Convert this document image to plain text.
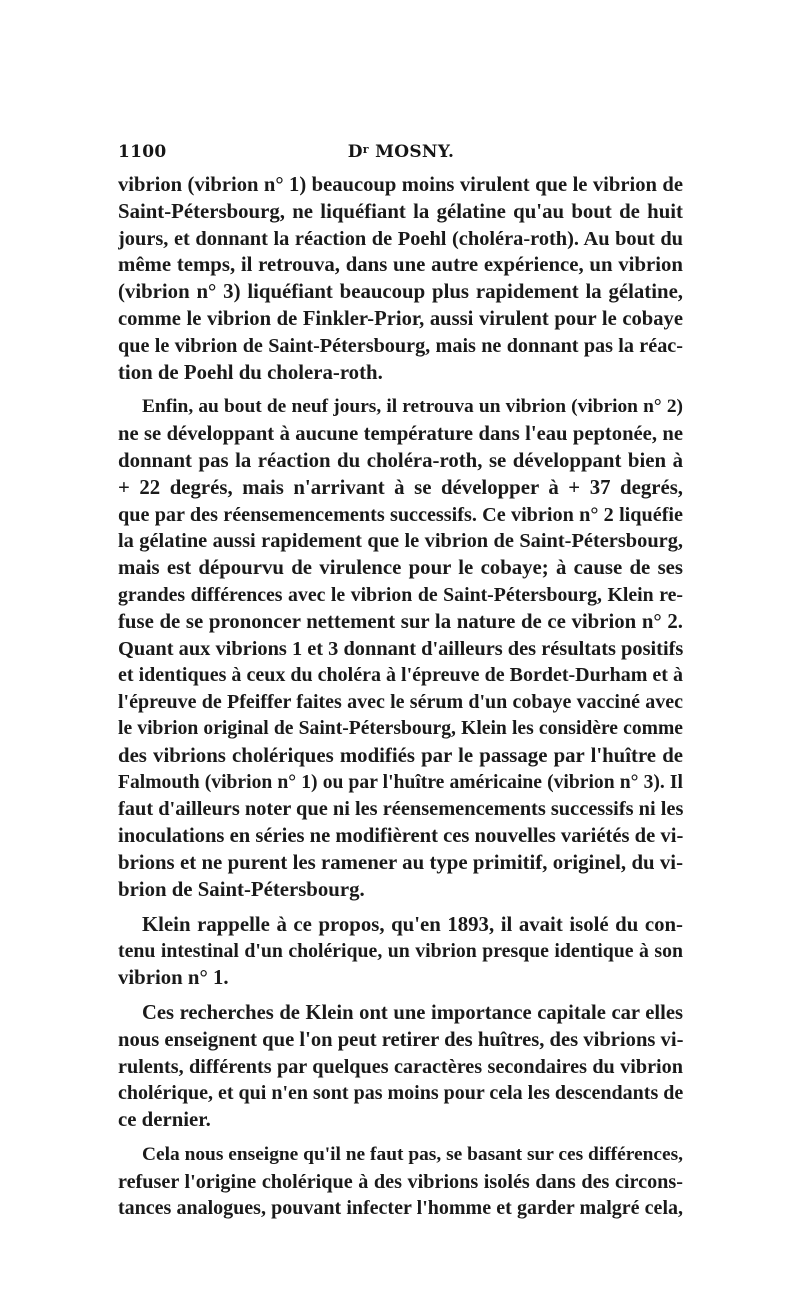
1100	$D^r$ MOSNY.

vibrion (vibrion n° 1) beaucoup moins virulent que le vibrion de
Saint-Pétersbourg, ne liquéfiant la gélatine qu'au bout de huit
jours, et donnant la réaction de Poehl (choléra-roth). Au bout du
même temps, il retrouva, dans une autre expérience, un vibrion
(vibrion n° 3) liquéfiant beaucoup plus rapidement la gélatine,
comme le vibrion de Finkler-Prior, aussi virulent pour le cobaye
que le vibrion de Saint-Pétersbourg, mais ne donnant pas la réac-
tion de Poehl du cholera-roth.

Enfin, au bout de neuf jours, il retrouva un vibrion (vibrion n° 2)
ne se développant à aucune température dans l'eau peptonée, ne
donnant pas la réaction du choléra-roth, se développant bien à
+ 22 degrés, mais n'arrivant à se développer à + 37 degrés,
que par des réensemencements successifs. Ce vibrion n° 2 liquéfie
la gélatine aussi rapidement que le vibrion de Saint-Pétersbourg,
mais est dépourvu de virulence pour le cobaye; à cause de ses
grandes différences avec le vibrion de Saint-Pétersbourg, Klein re-
fuse de se prononcer nettement sur la nature de ce vibrion n° 2.
Quant aux vibrions 1 et 3 donnant d'ailleurs des résultats positifs
et identiques à ceux du choléra à l'épreuve de Bordet-Durham et à
l'épreuve de Pfeiffer faites avec le sérum d'un cobaye vacciné avec
le vibrion original de Saint-Pétersbourg, Klein les considère comme
des vibrions cholériques modifiés par le passage par l'huître de
Falmouth (vibrion n° 1) ou par l'huître américaine (vibrion n° 3). Il
faut d'ailleurs noter que ni les réensemencements successifs ni les
inoculations en séries ne modifièrent ces nouvelles variétés de vi-
brions et ne purent les ramener au type primitif, originel, du vi-
brion de Saint-Pétersbourg.

Klein rappelle à ce propos, qu'en 1893, il avait isolé du con-
tenu intestinal d'un cholérique, un vibrion presque identique à son
vibrion n° 1.

Ces recherches de Klein ont une importance capitale car elles
nous enseignent que l'on peut retirer des huîtres, des vibrions vi-
rulents, différents par quelques caractères secondaires du vibrion
cholérique, et qui n'en sont pas moins pour cela les descendants de
ce dernier.

Cela nous enseigne qu'il ne faut pas, se basant sur ces différences,
refuser l'origine cholérique à des vibrions isolés dans des circons-
tances analogues, pouvant infecter l'homme et garder malgré cela,
